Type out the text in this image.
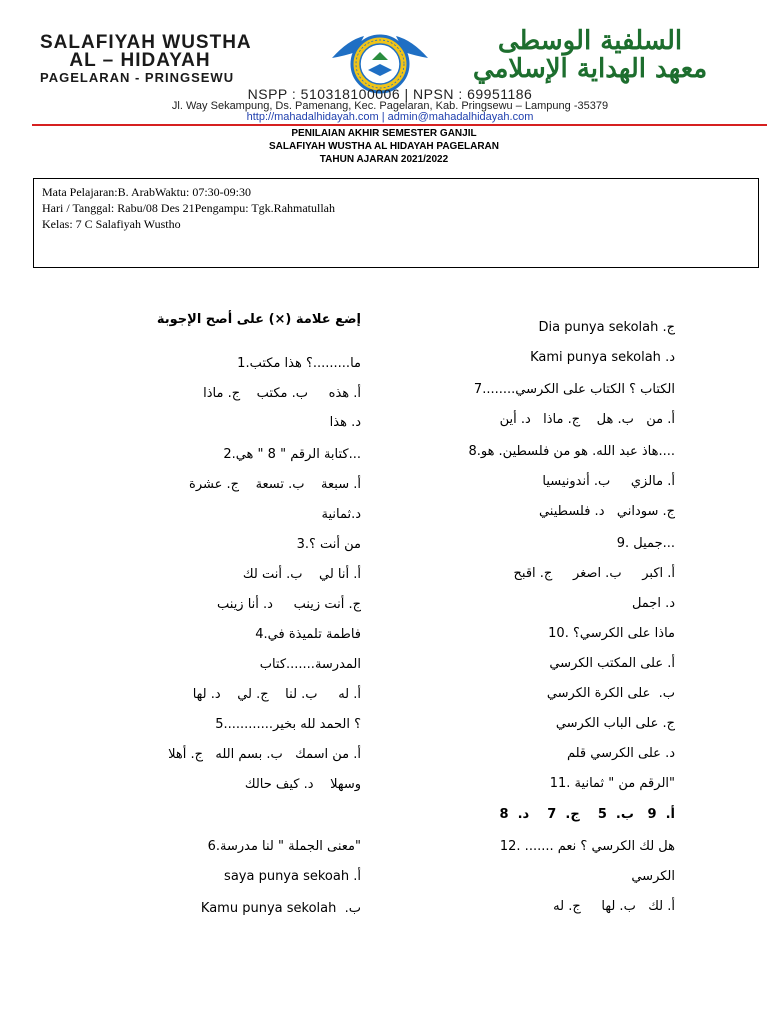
SALAFIYAH WUSTHA
AL – HIDAYAH
PAGELARAN - PRINGSEWU
السلفية الوسطى
معهد الهداية الإسلامي
NSPP : 510318100006 | NPSN : 69951186
Jl. Way Sekampung, Ds. Pamenang, Kec. Pagelaran, Kab. Pringsewu – Lampung -35379
http://mahadalhidayah.com | admin@mahadalhidayah.com
PENILAIAN AKHIR SEMESTER GANJIL
SALAFIYAH WUSTHA AL HIDAYAH PAGELARAN
TAHUN AJARAN 2021/2022
Mata Pelajaran:B. ArabWaktu: 07:30-09:30
Hari / Tanggal: Rabu/08 Des 21Pengampu: Tgk.Rahmatullah
Kelas: 7 C Salafiyah Wustho
إضع علامة (×) على أصح الإجوبة
ما.........؟ هذا مكتب.1
أ. هذه     ب. مكتب    ج. ماذا
د. هذا
...كتابة الرقم " 8 " هي.2
أ. سبعة    ب. تسعة    ج. عشرة
د.ثمانية
من أنت ؟.3
أ. أنا لي    ب. أنت لك
ج. أنت زينب     د. أنا زينب
فاطمة تلميذة في.4
المدرسة.......كتاب
أ. له     ب. لنا    ج. لي    د. لها
؟ الحمد لله بخير............5
أ. من اسمك   ب. بسم الله   ج. أهلا
وسهلا    د. كيف حالك
"معنى الجملة " لنا مدرسة.6
أ. saya punya sekoah
ب.  Kamu punya sekolah
ج. Dia punya sekolah
د. Kami punya sekolah
الكتاب ؟ الكتاب على الكرسي........7
أ. من   ب. هل    ج. ماذا   د. أين
....هاذ عبد الله. هو من فلسطين. هو.8
أ. مالزي     ب. أندونيسيا
ج. سوداني   د. فلسطيني
...جميل .9
أ. اكبر     ب. اصغر     ج. اقبح
د. اجمل
ماذا على الكرسي؟ .10
أ. على المكتب الكرسي
ب.  على الكرة الكرسي
ج. على الباب الكرسي
د. على الكرسي قلم
"الرقم من " ثمانية .11
أ.  9   ب.  5    ج.  7    د.  8
هل لك الكرسي ؟ نعم ....... .12
الكرسي
أ. لك   ب. لها     ج. له
